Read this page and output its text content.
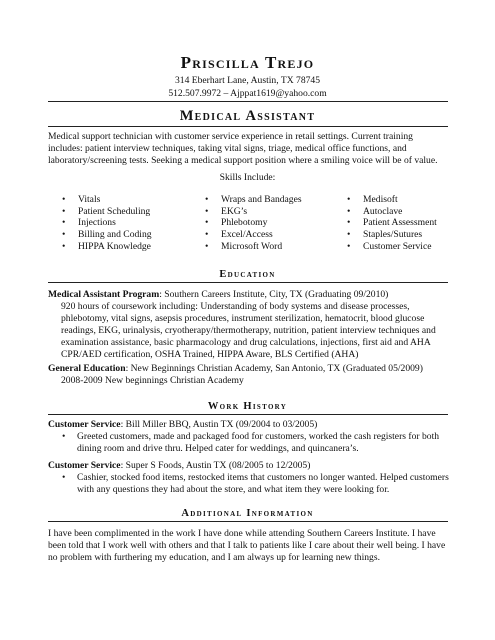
Priscilla Trejo
314 Eberhart Lane, Austin, TX 78745
512.507.9972 – Ajppat1619@yahoo.com
Medical Assistant
Medical support technician with customer service experience in retail settings. Current training includes: patient interview techniques, taking vital signs, triage, medical office functions, and laboratory/screening tests. Seeking a medical support position where a smiling voice will be of value.
Skills Include:
• Vitals
• Patient Scheduling
• Injections
• Billing and Coding
• HIPPA Knowledge
• Wraps and Bandages
• EKG’s
• Phlebotomy
• Excel/Access
• Microsoft Word
• Medisoft
• Autoclave
• Patient Assessment
• Staples/Sutures
• Customer Service
Education
Medical Assistant Program: Southern Careers Institute, City, TX (Graduating 09/2010)
920 hours of coursework including: Understanding of body systems and disease processes, phlebotomy, vital signs, asepsis procedures, instrument sterilization, hematocrit, blood glucose readings, EKG, urinalysis, cryotherapy/thermotherapy, nutrition, patient interview techniques and examination assistance, basic pharmacology and drug calculations, injections, first aid and AHA CPR/AED certification, OSHA Trained, HIPPA Aware, BLS Certified (AHA)
General Education: New Beginnings Christian Academy, San Antonio, TX (Graduated 05/2009)
2008-2009 New beginnings Christian Academy
Work History
Customer Service: Bill Miller BBQ, Austin TX (09/2004 to 03/2005)
• Greeted customers, made and packaged food for customers, worked the cash registers for both dining room and drive thru. Helped cater for weddings, and quincanera’s.
Customer Service: Super S Foods, Austin TX (08/2005 to 12/2005)
• Cashier, stocked food items, restocked items that customers no longer wanted. Helped customers with any questions they had about the store, and what item they were looking for.
Additional Information
I have been complimented in the work I have done while attending Southern Careers Institute. I have been told that I work well with others and that I talk to patients like I care about their well being. I have no problem with furthering my education, and I am always up for learning new things.
